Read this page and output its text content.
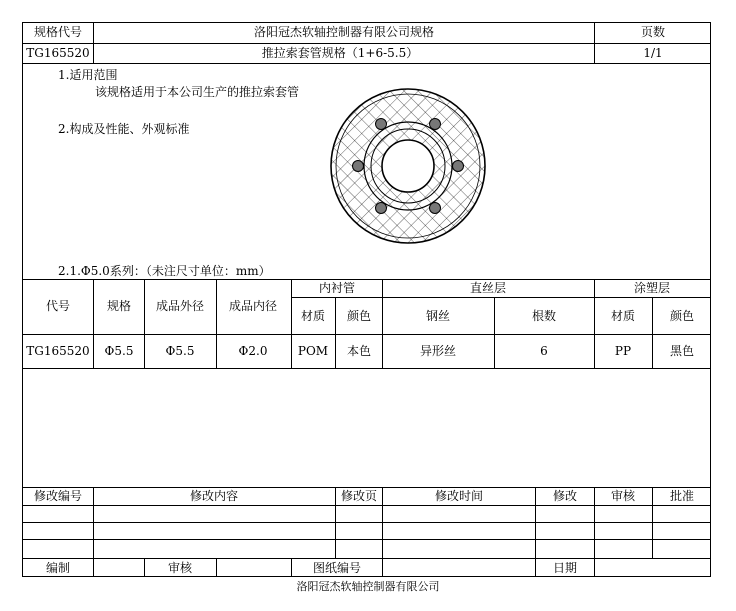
规格代号	洛阳冠杰软轴控制器有限公司规格	页数
TG165520	推拉索套管规格（1+6-5.5）	1/1
1.适用范围
该规格适用于本公司生产的推拉索套管
2.构成及性能、外观标准
2.1.Φ5.0系列：（未注尺寸单位：mm）
代号	规格 成品外径 成品内径
内衬管	直丝层	涂塑层
材质 颜色	钢丝	根数	材质	颜色
TG165520 Φ5.5	Φ5.5	Φ2.0	POM 本色	异形丝	6	PP	黑色
修改编号	修改内容	修改页	修改时间	修改	审核	批准
编制	审核	图纸编号	日期
洛阳冠杰软轴控制器有限公司
